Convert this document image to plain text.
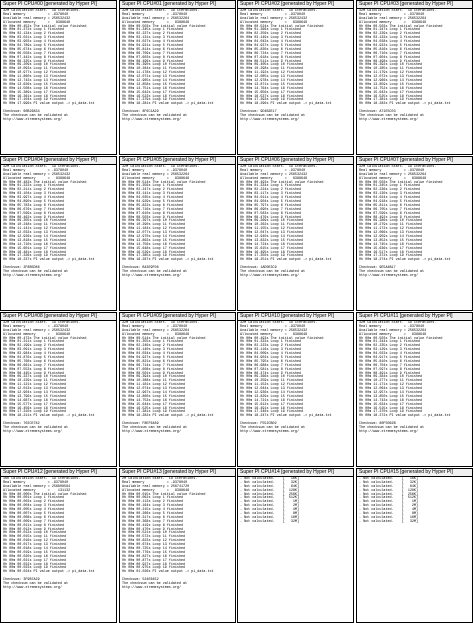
Super PI CPU#00 [generated by Hyper PI]
32M Calculation Start.  19 iterations.
Real memory           = -9378040
Available real memory = 256532432
Allocated memory      =   8388648
0h 00m 00.452s The initial value finished
0h 00m 01.272s Loop 1 finished
0h 00m 02.134s Loop 2 finished
0h 00m 03.021s Loop 3 finished
0h 00m 03.903s Loop 4 finished
0h 00m 04.789s Loop 5 finished
0h 00m 05.674s Loop 6 finished
0h 00m 06.558s Loop 7 finished
0h 00m 07.442s Loop 8 finished
0h 00m 08.325s Loop 9 finished
0h 00m 09.209s Loop 10 finished
0h 00m 10.093s Loop 11 finished
0h 00m 10.977s Loop 12 finished
0h 00m 11.860s Loop 13 finished
0h 00m 12.743s Loop 14 finished
0h 00m 13.626s Loop 15 finished
0h 00m 14.508s Loop 16 finished
0h 00m 15.389s Loop 17 finished
0h 00m 16.261s Loop 18 finished
0h 00m 17.104s Loop 19 finished
0h 00m 17.996s PI value output -> pi_data.txt
Checksum: 60B26834
The checksum can be validated at
http://www.xtremesystems.org/
Super PI CPU#01 [generated by Hyper PI]
32M Calculation Start.  19 iterations.
Real memory           = -9378040
Available real memory = 256532264
Allocated memory      =   8388648
0h 00m 00.503s The initial value finished
0h 00m 01.345s Loop 1 finished
0h 00m 02.237s Loop 2 finished
0h 00m 03.131s Loop 3 finished
0h 00m 04.027s Loop 4 finished
0h 00m 04.921s Loop 5 finished
0h 00m 05.814s Loop 6 finished
0h 00m 06.709s Loop 7 finished
0h 00m 07.603s Loop 8 finished
0h 00m 08.496s Loop 9 finished
0h 00m 09.390s Loop 10 finished
0h 00m 10.284s Loop 11 finished
0h 00m 11.178s Loop 12 finished
0h 00m 12.071s Loop 13 finished
0h 00m 12.965s Loop 14 finished
0h 00m 13.858s Loop 15 finished
0h 00m 14.751s Loop 16 finished
0h 00m 15.642s Loop 17 finished
0h 00m 16.523s Loop 18 finished
0h 00m 17.379s Loop 19 finished
0h 00m 18.281s PI value output -> pi_data.txt
Checksum: 8F6C1A29
The checksum can be validated at
http://www.xtremesystems.org/
Super PI CPU#02 [generated by Hyper PI]
32M Calculation Start.  19 iterations.
Real memory           = -9378040
Available real memory = 256532432
Allocated memory      =   8388648
0h 00m 00.524s The initial value finished
0h 00m 01.366s Loop 1 finished
0h 00m 02.256s Loop 2 finished
0h 00m 03.149s Loop 3 finished
0h 00m 04.043s Loop 4 finished
0h 00m 04.937s Loop 5 finished
0h 00m 05.830s Loop 6 finished
0h 00m 06.724s Loop 7 finished
0h 00m 07.618s Loop 8 finished
0h 00m 08.511s Loop 9 finished
0h 00m 09.405s Loop 10 finished
0h 00m 10.298s Loop 11 finished
0h 00m 11.192s Loop 12 finished
0h 00m 12.085s Loop 13 finished
0h 00m 12.978s Loop 14 finished
0h 00m 13.871s Loop 15 finished
0h 00m 14.764s Loop 16 finished
0h 00m 15.656s Loop 17 finished
0h 00m 16.537s Loop 18 finished
0h 00m 17.393s Loop 19 finished
0h 00m 18.296s PI value output -> pi_data.txt
Checksum: 9D4B2E17
The checksum can be validated at
http://www.xtremesystems.org/
Super PI CPU#03 [generated by Hyper PI]
32M Calculation Start.  19 iterations.
Real memory           = -9378040
Available real memory = 256532264
Allocated memory      =   8388648
0h 00m 00.503s The initial value finished
0h 00m 01.347s Loop 1 finished
0h 00m 02.239s Loop 2 finished
0h 00m 03.133s Loop 3 finished
0h 00m 04.028s Loop 4 finished
0h 00m 04.922s Loop 5 finished
0h 00m 05.816s Loop 6 finished
0h 00m 06.710s Loop 7 finished
0h 00m 07.604s Loop 8 finished
0h 00m 08.498s Loop 9 finished
0h 00m 09.392s Loop 10 finished
0h 00m 10.285s Loop 11 finished
0h 00m 11.179s Loop 12 finished
0h 00m 12.072s Loop 13 finished
0h 00m 12.966s Loop 14 finished
0h 00m 13.859s Loop 15 finished
0h 00m 14.752s Loop 16 finished
0h 00m 15.643s Loop 17 finished
0h 00m 16.525s Loop 18 finished
0h 00m 17.381s Loop 19 finished
0h 00m 18.283s PI value output -> pi_data.txt
Checksum: A71E5C03
The checksum can be validated at
http://www.xtremesystems.org/
Super PI CPU#04 [generated by Hyper PI]
32M Calculation Start.  19 iterations.
Real memory           = -9378040
Available real memory = 256532432
Allocated memory      =   8388648
0h 00m 00.483s The initial value finished
0h 00m 01.322s Loop 1 finished
0h 00m 02.211s Loop 2 finished
0h 00m 03.104s Loop 3 finished
0h 00m 03.997s Loop 4 finished
0h 00m 04.890s Loop 5 finished
0h 00m 05.783s Loop 6 finished
0h 00m 06.676s Loop 7 finished
0h 00m 07.569s Loop 8 finished
0h 00m 08.462s Loop 9 finished
0h 00m 09.355s Loop 10 finished
0h 00m 10.248s Loop 11 finished
0h 00m 11.141s Loop 12 finished
0h 00m 12.033s Loop 13 finished
0h 00m 12.926s Loop 14 finished
0h 00m 13.818s Loop 15 finished
0h 00m 14.710s Loop 16 finished
0h 00m 15.601s Loop 17 finished
0h 00m 16.481s Loop 18 finished
0h 00m 17.336s Loop 19 finished
0h 00m 18.237s PI value output -> pi_data.txt
Checksum: 2F8B5D86
The checksum can be validated at
http://www.xtremesystems.org/
Super PI CPU#05 [generated by Hyper PI]
32M Calculation Start.  19 iterations.
Real memory           = -9378040
Available real memory = 256532264
Allocated memory      =   8388648
0h 00m 00.514s The initial value finished
0h 00m 01.356s Loop 1 finished
0h 00m 02.247s Loop 2 finished
0h 00m 03.141s Loop 3 finished
0h 00m 04.035s Loop 4 finished
0h 00m 04.929s Loop 5 finished
0h 00m 05.822s Loop 6 finished
0h 00m 06.716s Loop 7 finished
0h 00m 07.610s Loop 8 finished
0h 00m 08.503s Loop 9 finished
0h 00m 09.397s Loop 10 finished
0h 00m 10.290s Loop 11 finished
0h 00m 11.184s Loop 12 finished
0h 00m 12.077s Loop 13 finished
0h 00m 12.970s Loop 14 finished
0h 00m 13.863s Loop 15 finished
0h 00m 14.756s Loop 16 finished
0h 00m 15.648s Loop 17 finished
0h 00m 16.529s Loop 18 finished
0h 00m 17.385s Loop 19 finished
0h 00m 18.287s PI value output -> pi_data.txt
Checksum: B43E9F08
The checksum can be validated at
http://www.xtremesystems.org/
Super PI CPU#06 [generated by Hyper PI]
32M Calculation Start.  19 iterations.
Real memory           = -9378040
Available real memory = 256532432
Allocated memory      =   8388648
0h 00m 00.493s The initial value finished
0h 00m 01.334s Loop 1 finished
0h 00m 02.224s Loop 2 finished
0h 00m 03.117s Loop 3 finished
0h 00m 04.011s Loop 4 finished
0h 00m 04.904s Loop 5 finished
0h 00m 05.797s Loop 6 finished
0h 00m 06.690s Loop 7 finished
0h 00m 07.583s Loop 8 finished
0h 00m 08.476s Loop 9 finished
0h 00m 09.369s Loop 10 finished
0h 00m 10.262s Loop 11 finished
0h 00m 11.155s Loop 12 finished
0h 00m 12.047s Loop 13 finished
0h 00m 12.940s Loop 14 finished
0h 00m 13.832s Loop 15 finished
0h 00m 14.724s Loop 16 finished
0h 00m 15.615s Loop 17 finished
0h 00m 16.495s Loop 18 finished
0h 00m 17.350s Loop 19 finished
0h 00m 18.251s PI value output -> pi_data.txt
Checksum: 1AD0E3C9
The checksum can be validated at
http://www.xtremesystems.org/
Super PI CPU#07 [generated by Hyper PI]
32M Calculation Start.  19 iterations.
Real memory           = -9378040
Available real memory = 256532264
Allocated memory      =   8388648
0h 00m 00.503s The initial value finished
0h 00m 01.345s Loop 1 finished
0h 00m 02.236s Loop 2 finished
0h 00m 03.130s Loop 3 finished
0h 00m 04.024s Loop 4 finished
0h 00m 04.918s Loop 5 finished
0h 00m 05.811s Loop 6 finished
0h 00m 06.705s Loop 7 finished
0h 00m 07.599s Loop 8 finished
0h 00m 08.492s Loop 9 finished
0h 00m 09.386s Loop 10 finished
0h 00m 10.279s Loop 11 finished
0h 00m 11.172s Loop 12 finished
0h 00m 12.066s Loop 13 finished
0h 00m 12.959s Loop 14 finished
0h 00m 13.852s Loop 15 finished
0h 00m 14.745s Loop 16 finished
0h 00m 15.636s Loop 17 finished
0h 00m 16.517s Loop 18 finished
0h 00m 17.372s Loop 19 finished
0h 00m 18.274s PI value output -> pi_data.txt
Checksum: 9E5A4B17
The checksum can be validated at
http://www.xtremesystems.org/
Super PI CPU#08 [generated by Hyper PI]
32M Calculation Start.  19 iterations.
Real memory           = -9378040
Available real memory = 256532432
Allocated memory      =   8388648
0h 00m 00.473s The initial value finished
0h 00m 01.311s Loop 1 finished
0h 00m 02.199s Loop 2 finished
0h 00m 03.091s Loop 3 finished
0h 00m 03.984s Loop 4 finished
0h 00m 04.876s Loop 5 finished
0h 00m 05.768s Loop 6 finished
0h 00m 06.661s Loop 7 finished
0h 00m 07.553s Loop 8 finished
0h 00m 08.445s Loop 9 finished
0h 00m 09.337s Loop 10 finished
0h 00m 10.229s Loop 11 finished
0h 00m 11.121s Loop 12 finished
0h 00m 12.013s Loop 13 finished
0h 00m 12.904s Loop 14 finished
0h 00m 13.796s Loop 15 finished
0h 00m 14.687s Loop 16 finished
0h 00m 15.577s Loop 17 finished
0h 00m 16.456s Loop 18 finished
0h 00m 17.310s Loop 19 finished
0h 00m 18.211s PI value output -> pi_data.txt
Checksum: 702CE782
The checksum can be validated at
http://www.xtremesystems.org/
Super PI CPU#09 [generated by Hyper PI]
32M Calculation Start.  19 iterations.
Real memory           = -9378040
Available real memory = 256532264
Allocated memory      =   8388648
0h 00m 00.514s The initial value finished
0h 00m 01.355s Loop 1 finished
0h 00m 02.246s Loop 2 finished
0h 00m 03.140s Loop 3 finished
0h 00m 04.034s Loop 4 finished
0h 00m 04.927s Loop 5 finished
0h 00m 05.821s Loop 6 finished
0h 00m 06.714s Loop 7 finished
0h 00m 07.608s Loop 8 finished
0h 00m 08.501s Loop 9 finished
0h 00m 09.394s Loop 10 finished
0h 00m 10.288s Loop 11 finished
0h 00m 11.181s Loop 12 finished
0h 00m 12.074s Loop 13 finished
0h 00m 12.967s Loop 14 finished
0h 00m 13.860s Loop 15 finished
0h 00m 14.753s Loop 16 finished
0h 00m 15.644s Loop 17 finished
0h 00m 16.525s Loop 18 finished
0h 00m 17.381s Loop 19 finished
0h 00m 18.282s PI value output -> pi_data.txt
Checksum: F8EF6489
The checksum can be validated at
http://www.xtremesystems.org/
Super PI CPU#10 [generated by Hyper PI]
32M Calculation Start.  19 iterations.
Real memory           = -9378040
Available real memory = 256532432
Allocated memory      =   8388648
0h 00m 00.493s The initial value finished
0h 00m 01.333s Loop 1 finished
0h 00m 02.223s Loop 2 finished
0h 00m 03.116s Loop 3 finished
0h 00m 04.009s Loop 4 finished
0h 00m 04.902s Loop 5 finished
0h 00m 05.795s Loop 6 finished
0h 00m 06.688s Loop 7 finished
0h 00m 07.581s Loop 8 finished
0h 00m 08.474s Loop 9 finished
0h 00m 09.366s Loop 10 finished
0h 00m 10.259s Loop 11 finished
0h 00m 11.152s Loop 12 finished
0h 00m 12.044s Loop 13 finished
0h 00m 12.936s Loop 14 finished
0h 00m 13.829s Loop 15 finished
0h 00m 14.721s Loop 16 finished
0h 00m 15.612s Loop 17 finished
0h 00m 16.491s Loop 18 finished
0h 00m 17.346s Loop 19 finished
0h 00m 18.247s PI value output -> pi_data.txt
Checksum: F552CB02
The checksum can be validated at
http://www.xtremesystems.org/
Super PI CPU#11 [generated by Hyper PI]
32M Calculation Start.  19 iterations.
Real memory           = -9378040
Available real memory = 256532264
Allocated memory      =   8388648
0h 00m 00.503s The initial value finished
0h 00m 01.344s Loop 1 finished
0h 00m 02.235s Loop 2 finished
0h 00m 03.129s Loop 3 finished
0h 00m 04.023s Loop 4 finished
0h 00m 04.917s Loop 5 finished
0h 00m 05.810s Loop 6 finished
0h 00m 06.704s Loop 7 finished
0h 00m 07.597s Loop 8 finished
0h 00m 08.491s Loop 9 finished
0h 00m 09.384s Loop 10 finished
0h 00m 10.277s Loop 11 finished
0h 00m 11.171s Loop 12 finished
0h 00m 12.064s Loop 13 finished
0h 00m 12.957s Loop 14 finished
0h 00m 13.850s Loop 15 finished
0h 00m 14.743s Loop 16 finished
0h 00m 15.634s Loop 17 finished
0h 00m 16.515s Loop 18 finished
0h 00m 17.370s Loop 19 finished
0h 00m 18.272s PI value output -> pi_data.txt
Checksum: 80F5062B
The checksum can be validated at
http://www.xtremesystems.org/
Super PI CPU#12 [generated by Hyper PI]
16K Calculation Start.  19 iterations.
Real memory           = -9378040
Available real memory = 256808584
Allocated memory      =    131132
0h 00m 00.000s The initial value finished
0h 00m 00.001s Loop 1 finished
0h 00m 00.003s Loop 2 finished
0h 00m 00.004s Loop 3 finished
0h 00m 00.005s Loop 4 finished
0h 00m 00.007s Loop 5 finished
0h 00m 00.008s Loop 6 finished
0h 00m 00.009s Loop 7 finished
0h 00m 00.011s Loop 8 finished
0h 00m 00.012s Loop 9 finished
0h 00m 00.013s Loop 10 finished
0h 00m 00.015s Loop 11 finished
0h 00m 00.016s Loop 12 finished
0h 00m 00.017s Loop 13 finished
0h 00m 00.018s Loop 14 finished
0h 00m 00.019s Loop 15 finished
0h 00m 00.020s Loop 16 finished
0h 00m 00.021s Loop 17 finished
0h 00m 00.022s Loop 18 finished
0h 00m 00.023s Loop 19 finished
0h 00m 00.024s PI value output -> pi_data.txt
Checksum: 3F9B7A29
The checksum can be validated at
http://www.xtremesystems.org/
Super PI CPU#13 [generated by Hyper PI]
2M Calculation Start.  19 iterations.
Real memory           = -9378040
Available real memory = 256741720
Allocated memory      =   8388648
0h 00m 00.015s The initial value finished
0h 00m 00.062s Loop 1 finished
0h 00m 00.113s Loop 2 finished
0h 00m 00.164s Loop 3 finished
0h 00m 00.215s Loop 4 finished
0h 00m 00.266s Loop 5 finished
0h 00m 00.317s Loop 6 finished
0h 00m 00.368s Loop 7 finished
0h 00m 00.419s Loop 8 finished
0h 00m 00.470s Loop 9 finished
0h 00m 00.521s Loop 10 finished
0h 00m 00.572s Loop 11 finished
0h 00m 00.623s Loop 12 finished
0h 00m 00.674s Loop 13 finished
0h 00m 00.725s Loop 14 finished
0h 00m 00.776s Loop 15 finished
0h 00m 00.827s Loop 16 finished
0h 00m 00.877s Loop 17 finished
0h 00m 00.927s Loop 18 finished
0h 00m 00.975s Loop 19 finished
0h 00m 01.026s PI value output -> pi_data.txt
Checksum: 524E6452
The checksum can be validated at
http://www.xtremesystems.org/
Super PI CPU#14 [generated by Hyper PI]
- Not calculated.    [   16K]
- Not calculated.    [   32K]
- Not calculated.    [   64K]
- Not calculated.    [  128K]
- Not calculated.    [  256K]
- Not calculated.    [  512K]
- Not calculated.    [    1M]
- Not calculated.    [    2M]
- Not calculated.    [    4M]
- Not calculated.    [    8M]
- Not calculated.    [   16M]
- Not calculated.    [   32M]
Super PI CPU#15 [generated by Hyper PI]
- Not calculated.    [   16K]
- Not calculated.    [   32K]
- Not calculated.    [   64K]
- Not calculated.    [  128K]
- Not calculated.    [  256K]
- Not calculated.    [  512K]
- Not calculated.    [    1M]
- Not calculated.    [    2M]
- Not calculated.    [    4M]
- Not calculated.    [    8M]
- Not calculated.    [   16M]
- Not calculated.    [   32M]
